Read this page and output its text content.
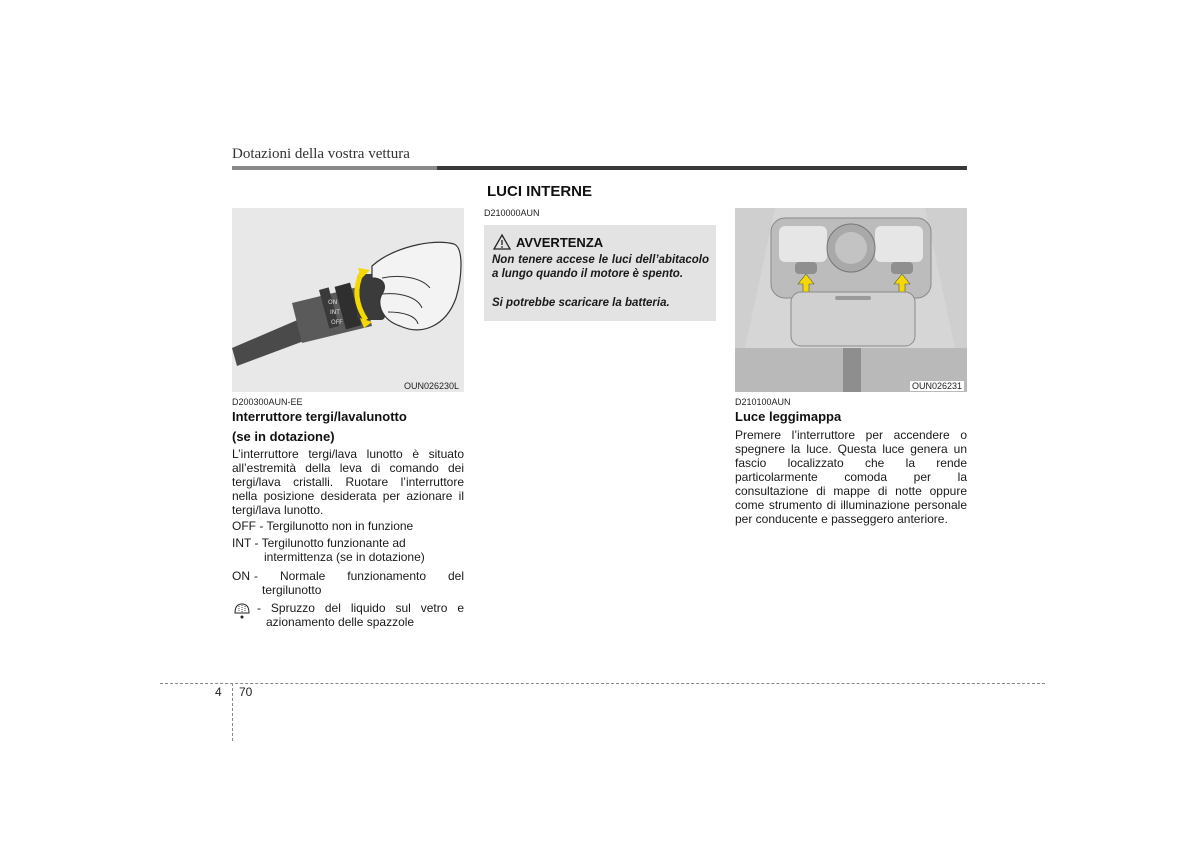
Dotazioni della vostra vettura
LUCI INTERNE
ON
INT
OFF
OUN026230L
D200300AUN-EE
Interruttore tergi/lavalunotto
(se in dotazione)
L’interruttore tergi/lava lunotto è situato all’estremità della leva di comando dei tergi/lava cristalli. Ruotare l’interruttore nella posizione desiderata per azionare il tergi/lava lunotto.
OFF - Tergilunotto non in funzione
INT - Tergilunotto funzionante ad
intermittenza (se in dotazione)
ON - Normale funzionamento del
tergilunotto
- Spruzzo del liquido sul vetro e
azionamento delle spazzole
D210000AUN
AVVERTENZA
Non tenere accese le luci dell’abitacolo a lungo quando il motore è spento.
Si potrebbe scaricare la batteria.
OUN026231
D210100AUN
Luce leggimappa
Premere l’interruttore per accendere o spegnere la luce. Questa luce genera un fascio localizzato che la rende particolarmente comoda per la consultazione di mappe di notte oppure come strumento di illuminazione personale per conducente e passeggero anteriore.
4 70
